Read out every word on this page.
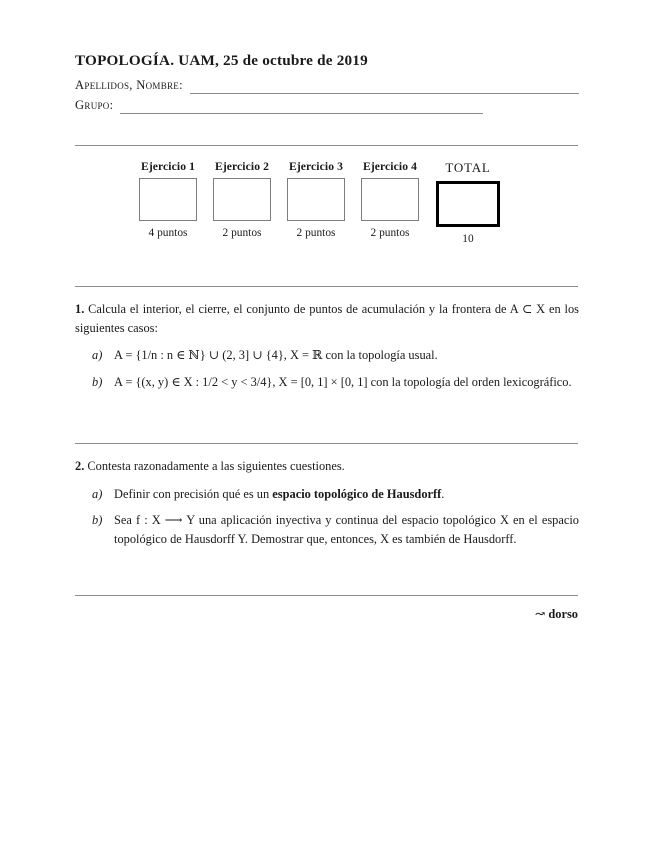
TOPOLOGÍA. UAM, 25 de octubre de 2019
Apellidos, Nombre:
Grupo:
Ejercicio 1
4 puntos
Ejercicio 2
2 puntos
Ejercicio 3
2 puntos
Ejercicio 4
2 puntos
TOTAL
10
1. Calcula el interior, el cierre, el conjunto de puntos de acumulación y la frontera de A ⊂ X en los siguientes casos:
a) A = {1/n : n ∈ ℕ} ∪ (2, 3] ∪ {4}, X = ℝ con la topología usual.
b) A = {(x, y) ∈ X : 1/2 < y < 3/4}, X = [0, 1] × [0, 1] con la topología del orden lexicográfico.
2. Contesta razonadamente a las siguientes cuestiones.
a) Definir con precisión qué es un espacio topológico de Hausdorff.
b) Sea f : X ⟶ Y una aplicación inyectiva y continua del espacio topológico X en el espacio topológico de Hausdorff Y. Demostrar que, entonces, X es también de Hausdorff.
↝ dorso
